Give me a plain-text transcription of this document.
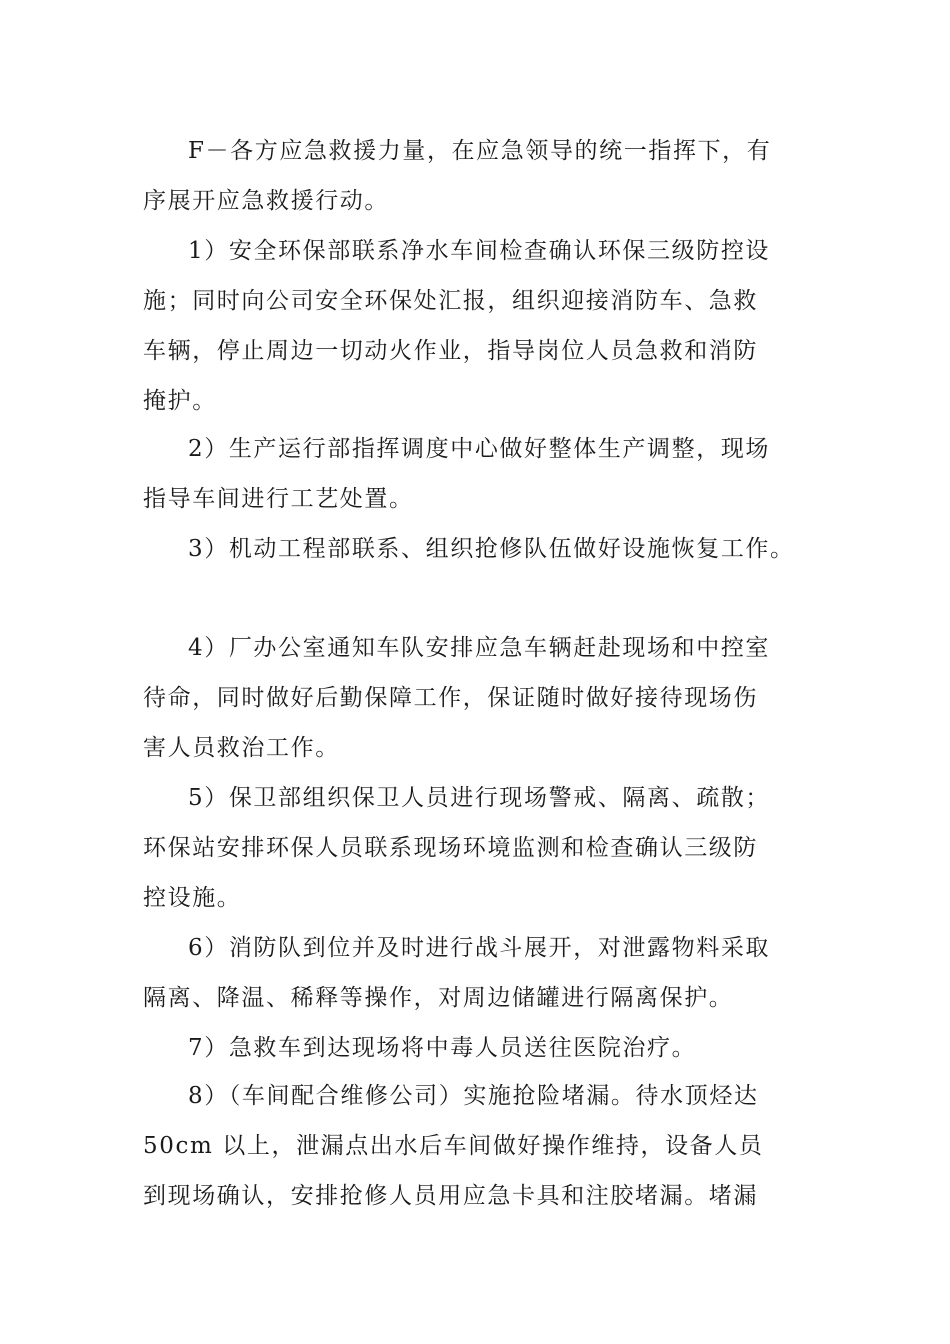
F－各方应急救援力量，在应急领导的统一指挥下，有

序展开应急救援行动。

1）安全环保部联系净水车间检查确认环保三级防控设

施；同时向公司安全环保处汇报，组织迎接消防车、急救

车辆，停止周边一切动火作业，指导岗位人员急救和消防

掩护。

2）生产运行部指挥调度中心做好整体生产调整，现场

指导车间进行工艺处置。

3）机动工程部联系、组织抢修队伍做好设施恢复工作。

4）厂办公室通知车队安排应急车辆赶赴现场和中控室

待命，同时做好后勤保障工作，保证随时做好接待现场伤

害人员救治工作。

5）保卫部组织保卫人员进行现场警戒、隔离、疏散；

环保站安排环保人员联系现场环境监测和检查确认三级防

控设施。

6）消防队到位并及时进行战斗展开，对泄露物料采取

隔离、降温、稀释等操作，对周边储罐进行隔离保护。

7）急救车到达现场将中毒人员送往医院治疗。

8）（车间配合维修公司）实施抢险堵漏。待水顶烃达

50cm 以上，泄漏点出水后车间做好操作维持，设备人员

到现场确认，安排抢修人员用应急卡具和注胶堵漏。堵漏
